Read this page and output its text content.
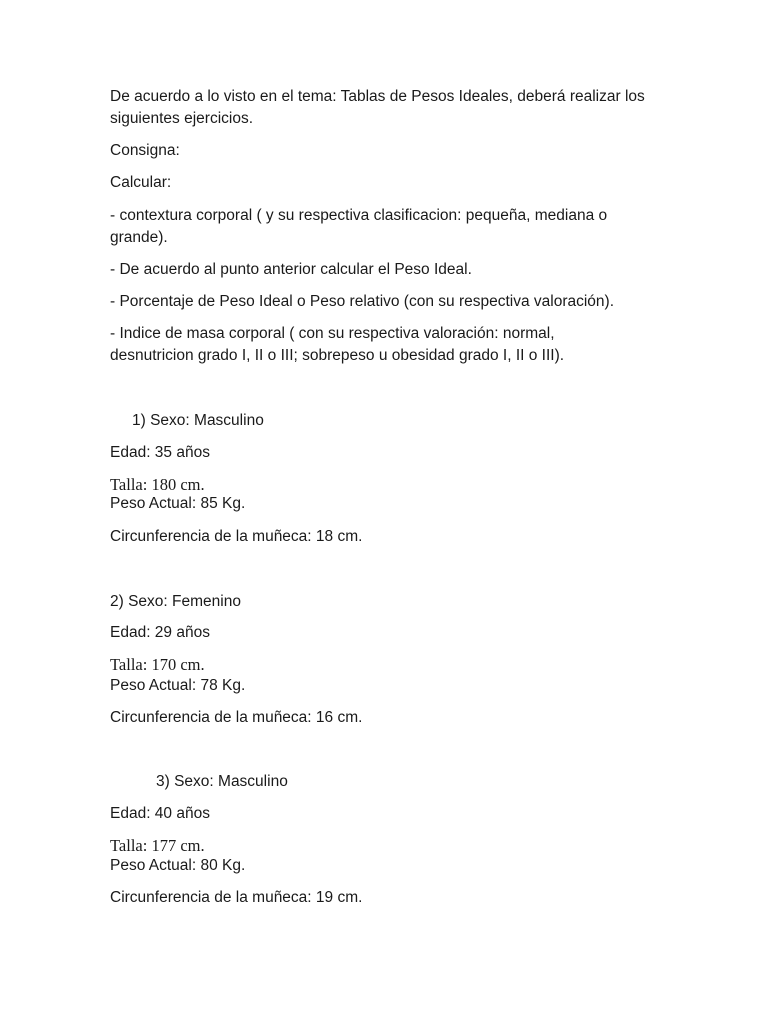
De acuerdo a lo visto en el tema: Tablas de Pesos Ideales, deberá realizar los
siguientes ejercicios.
Consigna:
Calcular:
- contextura corporal ( y su respectiva clasificacion: pequeña, mediana o
grande).
- De acuerdo al punto anterior calcular el Peso Ideal.
- Porcentaje de Peso Ideal o Peso relativo (con su respectiva valoración).
- Indice de masa corporal ( con su respectiva valoración: normal,
desnutricion grado I, II o III; sobrepeso u obesidad grado I, II o III).
1) Sexo: Masculino
Edad: 35 años
Talla: 180 cm.
Peso Actual: 85 Kg.
Circunferencia de la muñeca: 18 cm.
2) Sexo: Femenino
Edad: 29 años
Talla: 170 cm.
Peso Actual: 78 Kg.
Circunferencia de la muñeca: 16 cm.
3) Sexo: Masculino
Edad: 40 años
Talla: 177 cm.
Peso Actual: 80 Kg.
Circunferencia de la muñeca: 19 cm.
